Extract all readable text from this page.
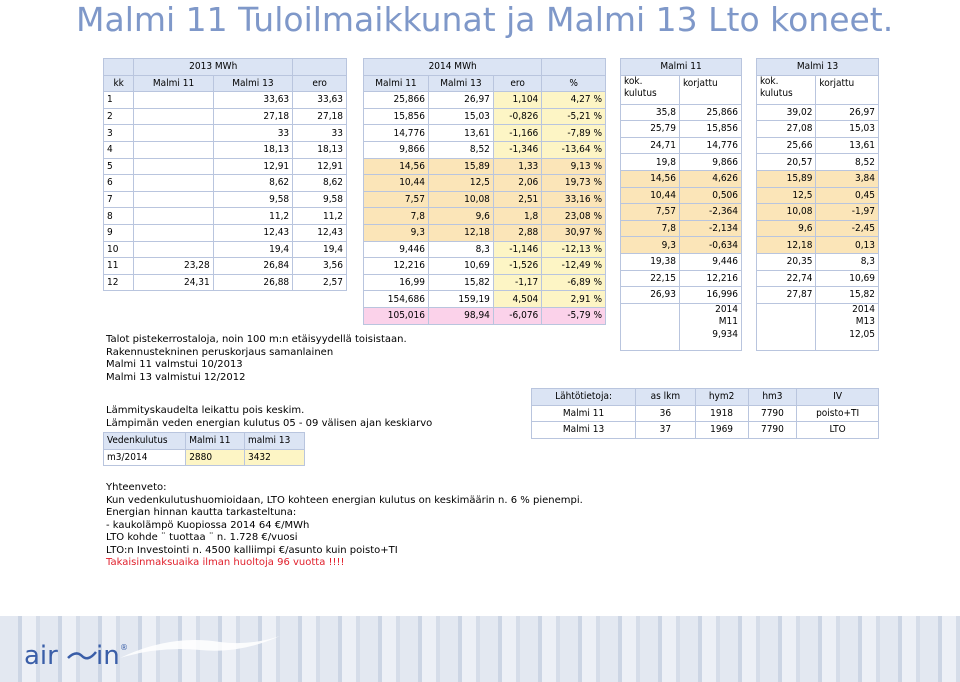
Malmi 11 Tuloilmaikkunat ja Malmi 13 Lto koneet.
	2013 MWh		
kk	Malmi 11	Malmi 13	ero
1		33,63	33,63
2		27,18	27,18
3		33	33
4		18,13	18,13
5		12,91	12,91
6		8,62	8,62
7		9,58	9,58
8		11,2	11,2
9		12,43	12,43
10		19,4	19,4
11	23,28	26,84	3,56
12	24,31	26,88	2,57
2014 MWh			
Malmi 11	Malmi 13	ero	%
25,866	26,97	1,104	4,27 %
15,856	15,03	-0,826	-5,21 %
14,776	13,61	-1,166	-7,89 %
9,866	8,52	-1,346	-13,64 %
14,56	15,89	1,33	9,13 %
10,44	12,5	2,06	19,73 %
7,57	10,08	2,51	33,16 %
7,8	9,6	1,8	23,08 %
9,3	12,18	2,88	30,97 %
9,446	8,3	-1,146	-12,13 %
12,216	10,69	-1,526	-12,49 %
16,99	15,82	-1,17	-6,89 %
154,686	159,19	4,504	2,91 %
105,016	98,94	-6,076	-5,79 %
Malmi 11	
kok.
kulutus	korjattu
35,8	25,866
25,79	15,856
24,71	14,776
19,8	9,866
14,56	4,626
10,44	0,506
7,57	-2,364
7,8	-2,134
9,3	-0,634
19,38	9,446
22,15	12,216
26,93	16,996

	2014
M11
9,934
Malmi 13	
kok.
kulutus	korjattu
39,02	26,97
27,08	15,03
25,66	13,61
20,57	8,52
15,89	3,84
12,5	0,45
10,08	-1,97
9,6	-2,45
12,18	0,13
20,35	8,3
22,74	10,69
27,87	15,82

	2014
M13
12,05
Talot pistekerrostaloja, noin 100 m:n etäisyydellä toisistaan.
Rakennustekninen peruskorjaus samanlainen
Malmi 11 valmstui 10/2013
Malmi 13 valmistui 12/2012
Lämmityskaudelta leikattu pois keskim.
Lämpimän veden energian kulutus 05 - 09 välisen ajan keskiarvo
Vedenkulutus	Malmi 11	malmi 13
m3/2014	2880	3432
Lähtötietoja:	as lkm	hym2	hm3	IV
Malmi 11	36	1918	7790	poisto+TI
Malmi 13	37	1969	7790	LTO
Yhteenveto:
Kun vedenkulutushuomioidaan, LTO kohteen energian kulutus on keskimäärin n. 6 % pienempi.
Energian hinnan kautta tarkasteltuna:
- kaukolämpö Kuopiossa 2014 64 €/MWh
LTO kohde ¨ tuottaa ¨ n. 1.728 €/vuosi
LTO:n Investointi n. 4500 kalliimpi €/asunto kuin poisto+TI
Takaisinmaksuaika ilman huoltoja 96 vuotta !!!!
air in ®
